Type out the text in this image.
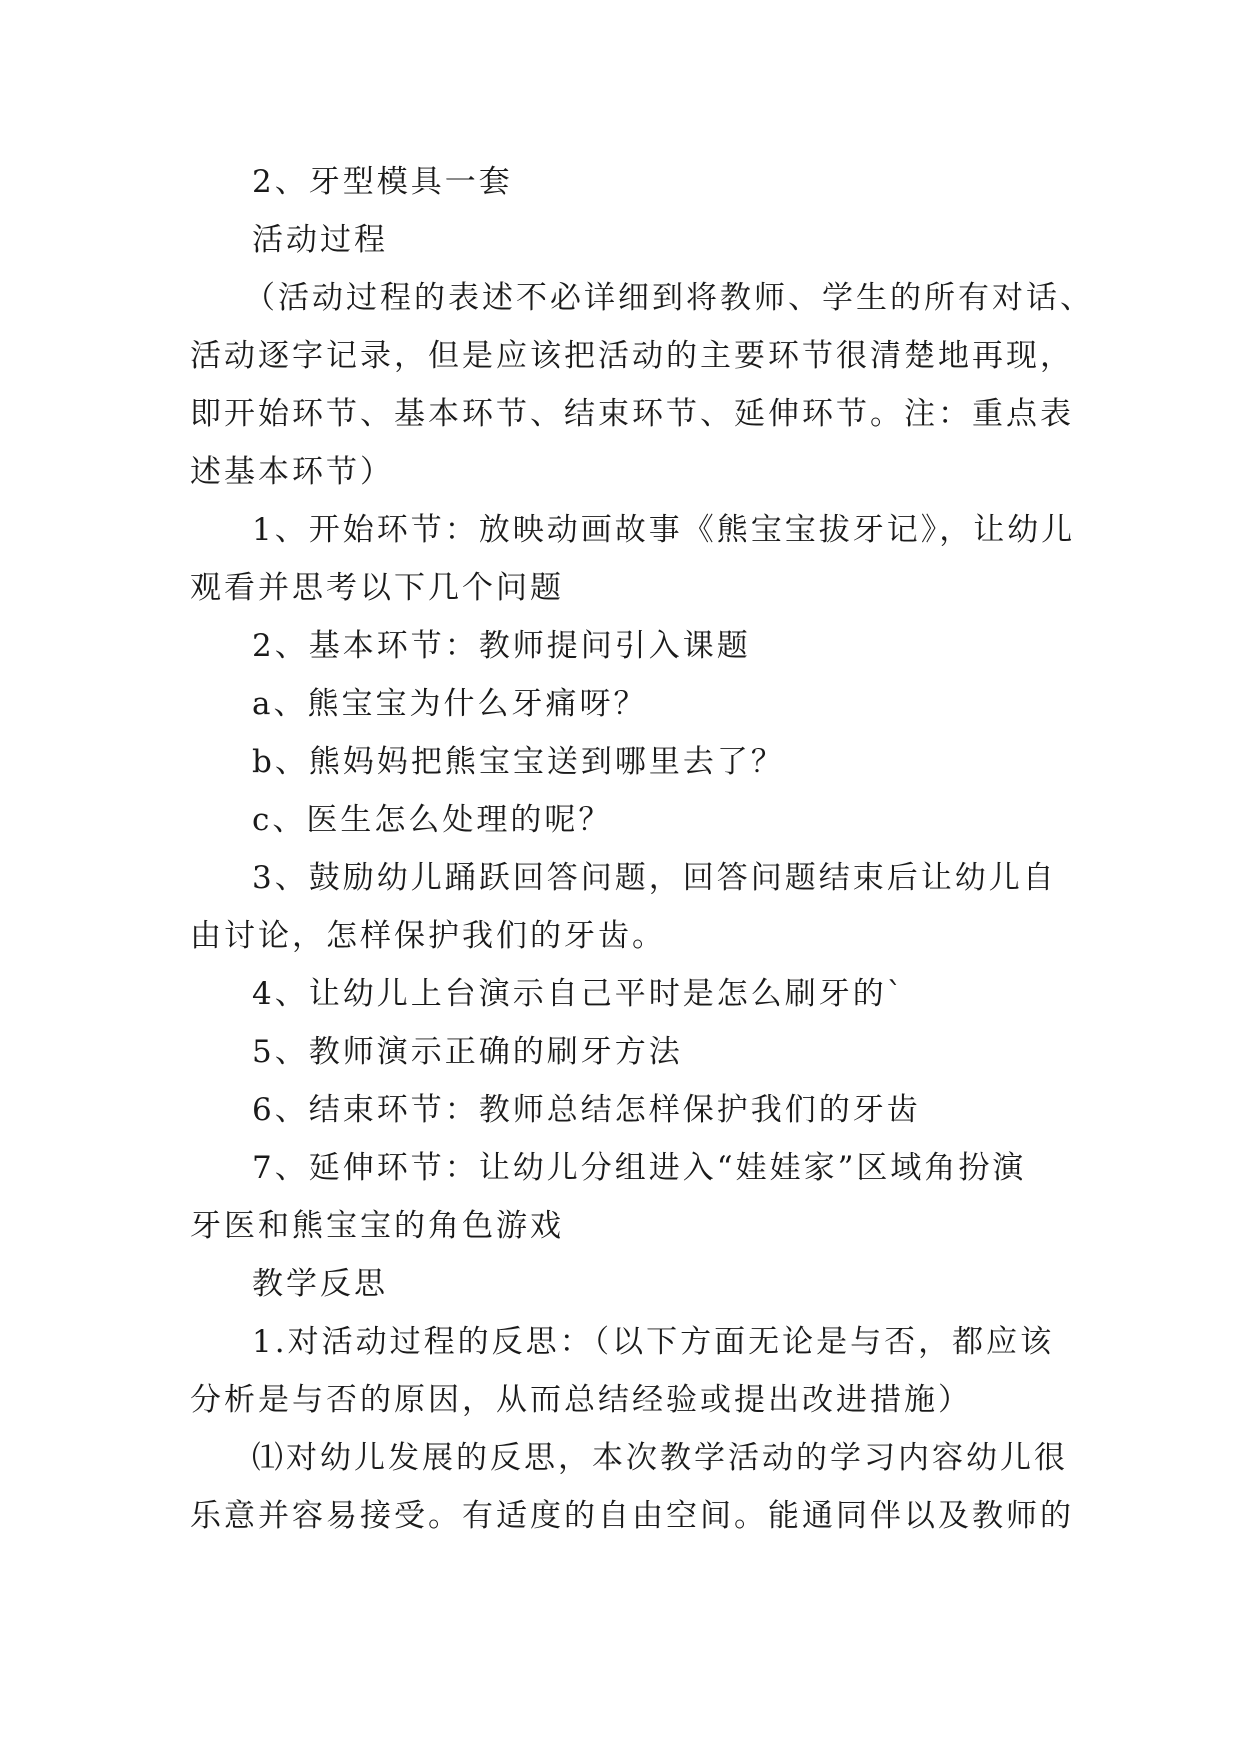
2、牙型模具一套
活动过程
（活动过程的表述不必详细到将教师、学生的所有对话、
活动逐字记录，但是应该把活动的主要环节很清楚地再现，
即开始环节、基本环节、结束环节、延伸环节。注：重点表
述基本环节）
1、开始环节：放映动画故事《熊宝宝拔牙记》，让幼儿
观看并思考以下几个问题
2、基本环节：教师提问引入课题
a、熊宝宝为什么牙痛呀？
b、熊妈妈把熊宝宝送到哪里去了？
c、医生怎么处理的呢？
3、鼓励幼儿踊跃回答问题，回答问题结束后让幼儿自
由讨论，怎样保护我们的牙齿。
4、让幼儿上台演示自己平时是怎么刷牙的`
5、教师演示正确的刷牙方法
6、结束环节：教师总结怎样保护我们的牙齿
7、延伸环节：让幼儿分组进入“娃娃家”区域角扮演
牙医和熊宝宝的角色游戏
教学反思
1.对活动过程的反思：（以下方面无论是与否，都应该
分析是与否的原因，从而总结经验或提出改进措施）
⑴对幼儿发展的反思，本次教学活动的学习内容幼儿很
乐意并容易接受。有适度的自由空间。能通同伴以及教师的
